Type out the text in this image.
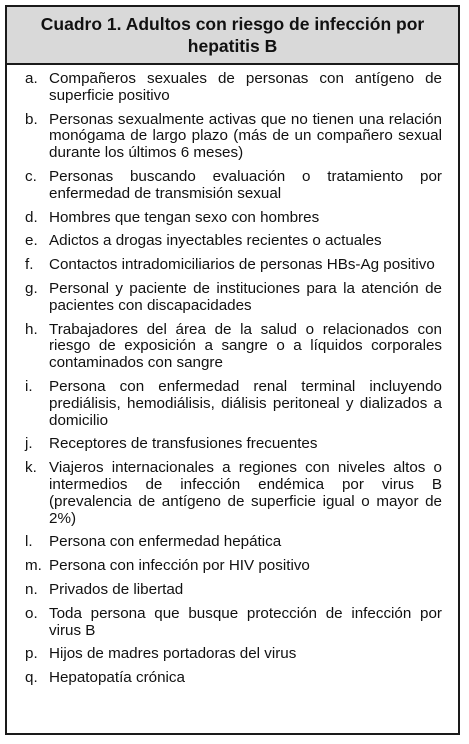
Cuadro 1. Adultos con riesgo de infección por hepatitis B
a. Compañeros sexuales de personas con antígeno de superficie positivo
b. Personas sexualmente activas que no tienen una relación monógama de largo plazo (más de un compañero sexual durante los últimos 6 meses)
c. Personas buscando evaluación o tratamiento por enfermedad de transmisión sexual
d. Hombres que tengan sexo con hombres
e. Adictos a drogas inyectables recientes o actuales
f.	Contactos intradomiciliarios de personas HBs-Ag positivo
g. Personal y paciente de instituciones para la atención de pacientes con discapacidades
h. Trabajadores del área de la salud o relacionados con riesgo de exposición a sangre o a líquidos corporales contaminados con sangre
i.	Persona con enfermedad renal terminal incluyendo prediálisis, hemodiálisis, diálisis peritoneal y dializados a domicilio
j.	Receptores de transfusiones frecuentes
k. Viajeros internacionales a regiones con niveles altos o intermedios de infección endémica por virus B (prevalencia de antígeno de superficie igual o mayor de 2%)
l.	Persona con enfermedad hepática
m. Persona con infección por HIV positivo
n. Privados de libertad
o. Toda persona que busque protección de infección por virus B
p. Hijos de madres portadoras del virus
q. Hepatopatía crónica
